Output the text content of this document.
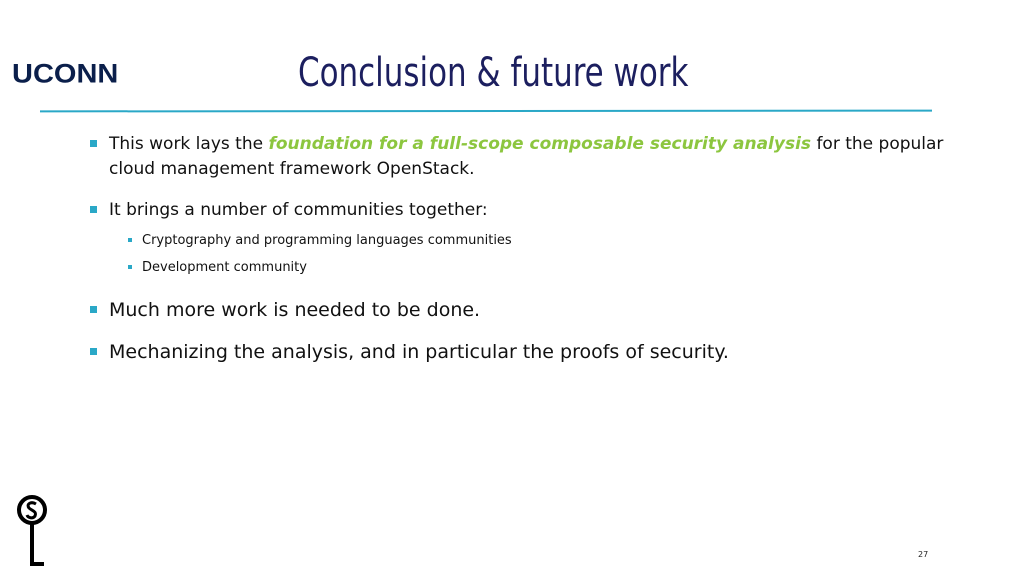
UCONN	Conclusion & future work
This work lays the foundation for a full-scope composable security analysis for the popular cloud management framework OpenStack.
It brings a number of communities together:
Cryptography and programming languages communities
Development community
Much more work is needed to be done.
Mechanizing the analysis, and in particular the proofs of security.
27
